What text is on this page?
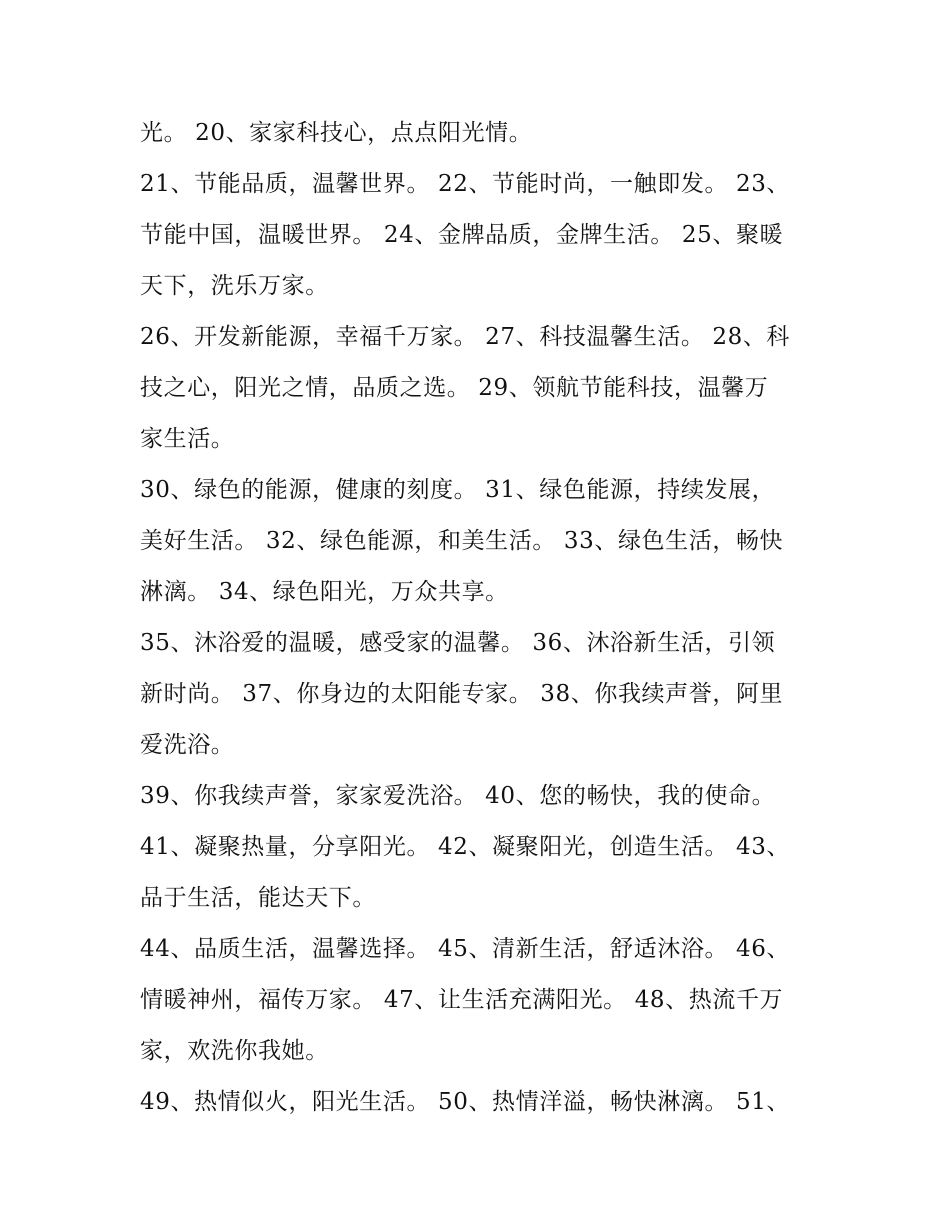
光。 20、家家科技心，点点阳光情。
21、节能品质，温馨世界。 22、节能时尚，一触即发。 23、
节能中国，温暖世界。 24、金牌品质，金牌生活。 25、聚暖
天下，洗乐万家。
26、开发新能源，幸福千万家。 27、科技温馨生活。 28、科
技之心，阳光之情，品质之选。 29、领航节能科技，温馨万
家生活。
30、绿色的能源，健康的刻度。 31、绿色能源，持续发展，
美好生活。 32、绿色能源，和美生活。 33、绿色生活，畅快
淋漓。 34、绿色阳光，万众共享。
35、沐浴爱的温暖，感受家的温馨。 36、沐浴新生活，引领
新时尚。 37、你身边的太阳能专家。 38、你我续声誉，阿里
爱洗浴。
39、你我续声誉，家家爱洗浴。 40、您的畅快，我的使命。
41、凝聚热量，分享阳光。 42、凝聚阳光，创造生活。 43、
品于生活，能达天下。
44、品质生活，温馨选择。 45、清新生活，舒适沐浴。 46、
情暖神州，福传万家。 47、让生活充满阳光。 48、热流千万
家，欢洗你我她。
49、热情似火，阳光生活。 50、热情洋溢，畅快淋漓。 51、
